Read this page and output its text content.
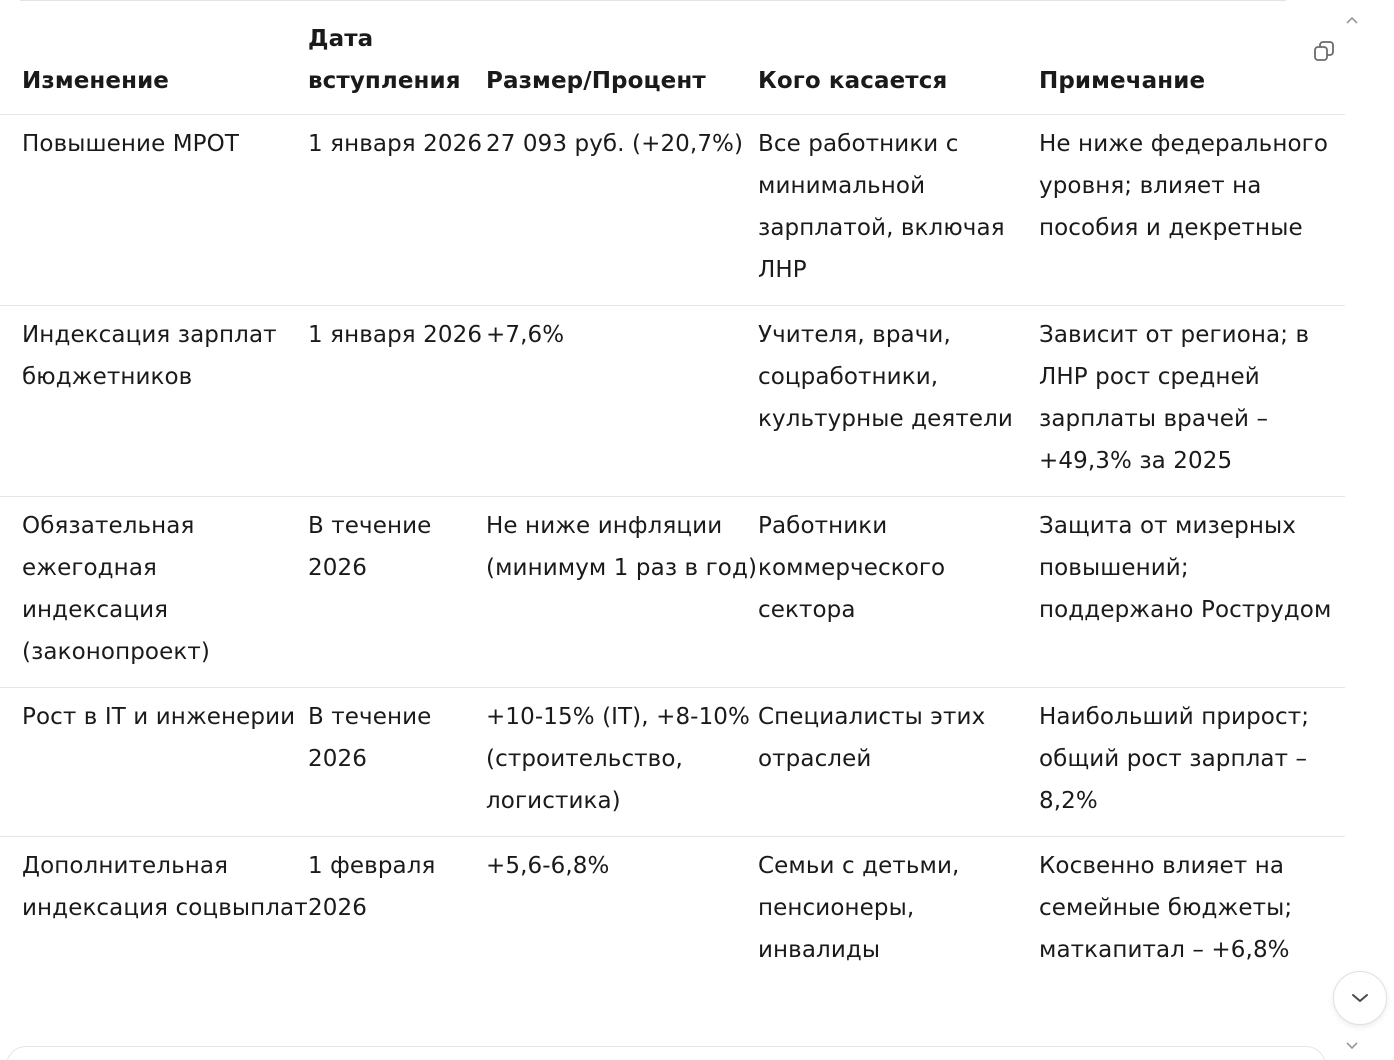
Изменение	Дата вступления	Размер/Процент	Кого касается	Примечание
Повышение МРОТ	1 января 2026	27 093 руб. (+20,7%)	Все работники с минимальной зарплатой, включая ЛНР	Не ниже федерального уровня; влияет на пособия и декретные
Индексация зарплат бюджетников	1 января 2026	+7,6%	Учителя, врачи, соцработники, культурные деятели	Зависит от региона; в ЛНР рост средней зарплаты врачей – +49,3% за 2025
Обязательная ежегодная индексация (законопроект)	В течение 2026	Не ниже инфляции (минимум 1 раз в год)	Работники коммерческого сектора	Защита от мизерных повышений; поддержано Рострудом
Рост в IT и инженерии	В течение 2026	+10-15% (IT), +8-10% (строительство, логистика)	Специалисты этих отраслей	Наибольший прирост; общий рост зарплат – 8,2%
Дополнительная индексация соцвыплат	1 февраля 2026	+5,6-6,8%	Семьи с детьми, пенсионеры, инвалиды	Косвенно влияет на семейные бюджеты; маткапитал – +6,8%
